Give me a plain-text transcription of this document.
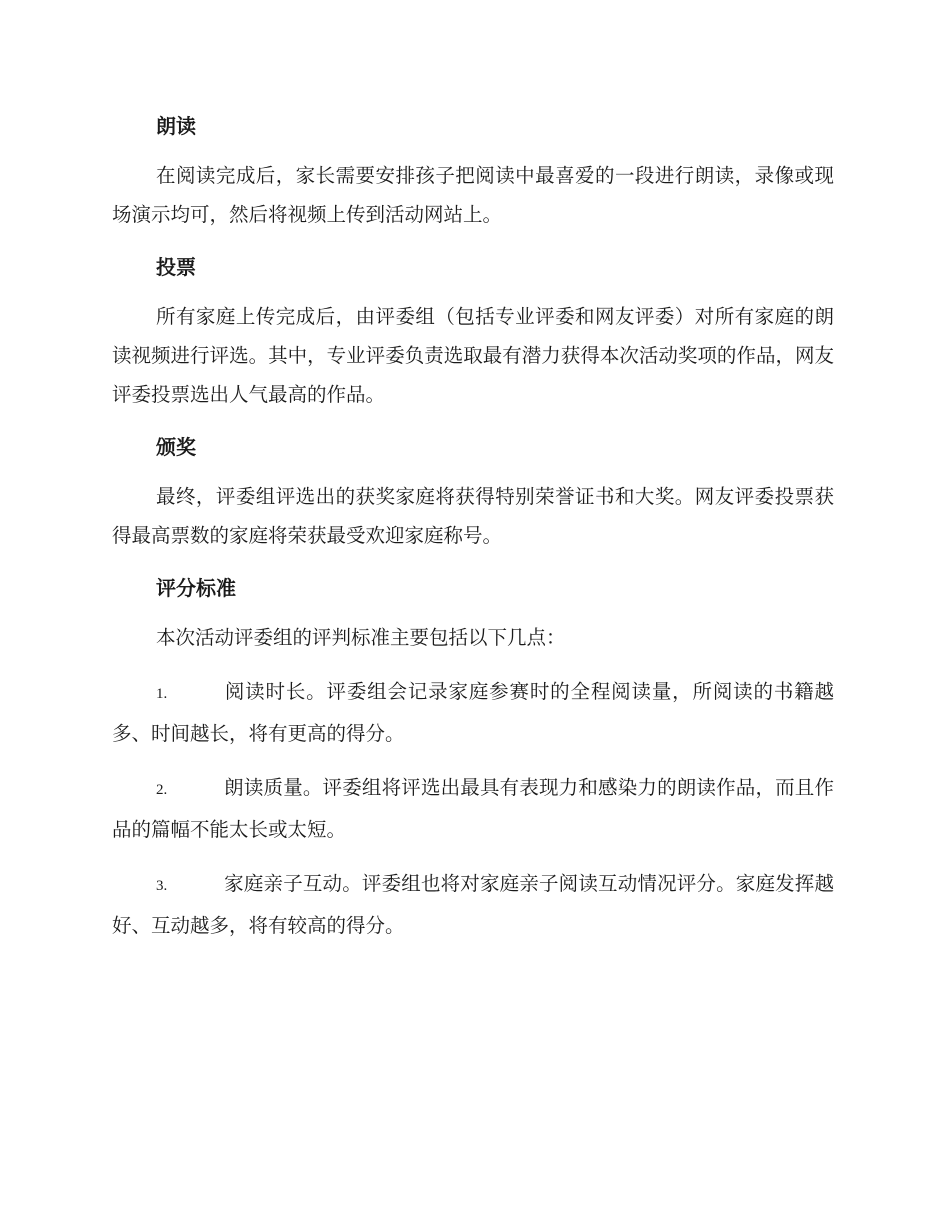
朗读

在阅读完成后，家长需要安排孩子把阅读中最喜爱的一段进行朗读，录像或现场演示均可，然后将视频上传到活动网站上。

投票

所有家庭上传完成后，由评委组（包括专业评委和网友评委）对所有家庭的朗读视频进行评选。其中，专业评委负责选取最有潜力获得本次活动奖项的作品，网友评委投票选出人气最高的作品。

颁奖

最终，评委组评选出的获奖家庭将获得特别荣誉证书和大奖。网友评委投票获得最高票数的家庭将荣获最受欢迎家庭称号。

评分标准

本次活动评委组的评判标准主要包括以下几点：

1.	阅读时长。评委组会记录家庭参赛时的全程阅读量，所阅读的书籍越多、时间越长，将有更高的得分。

2.	朗读质量。评委组将评选出最具有表现力和感染力的朗读作品，而且作品的篇幅不能太长或太短。

3.	家庭亲子互动。评委组也将对家庭亲子阅读互动情况评分。家庭发挥越好、互动越多，将有较高的得分。
